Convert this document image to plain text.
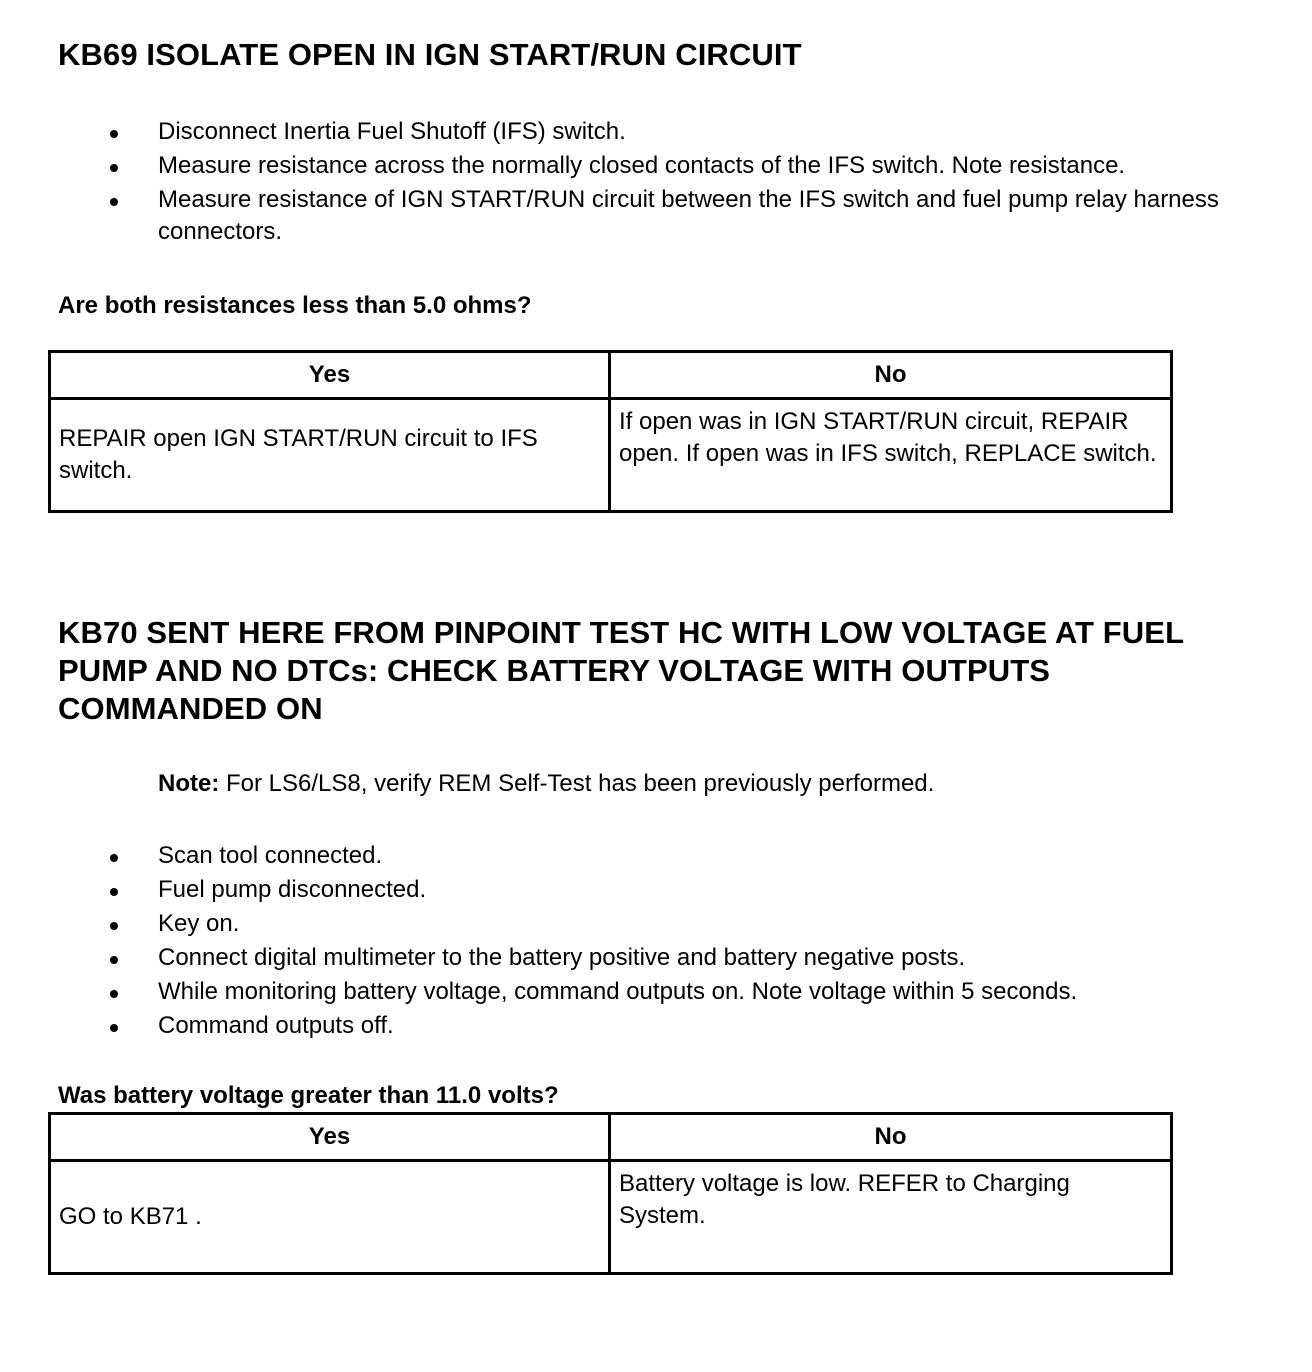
KB69 ISOLATE OPEN IN IGN START/RUN CIRCUIT
Disconnect Inertia Fuel Shutoff (IFS) switch.
Measure resistance across the normally closed contacts of the IFS switch. Note resistance.
Measure resistance of IGN START/RUN circuit between the IFS switch and fuel pump relay harness connectors.

Are both resistances less than 5.0 ohms?

Yes	No
REPAIR open IGN START/RUN circuit to IFS switch.	If open was in IGN START/RUN circuit, REPAIR open. If open was in IFS switch, REPLACE switch.
KB70 SENT HERE FROM PINPOINT TEST HC WITH LOW VOLTAGE AT FUEL PUMP AND NO DTCs: CHECK BATTERY VOLTAGE WITH OUTPUTS COMMANDED ON

Note: For LS6/LS8, verify REM Self-Test has been previously performed.

Scan tool connected.
Fuel pump disconnected.
Key on.
Connect digital multimeter to the battery positive and battery negative posts.
While monitoring battery voltage, command outputs on. Note voltage within 5 seconds.
Command outputs off.

Was battery voltage greater than 11.0 volts?

Yes	No
GO to KB71 .	Battery voltage is low. REFER to Charging System.
